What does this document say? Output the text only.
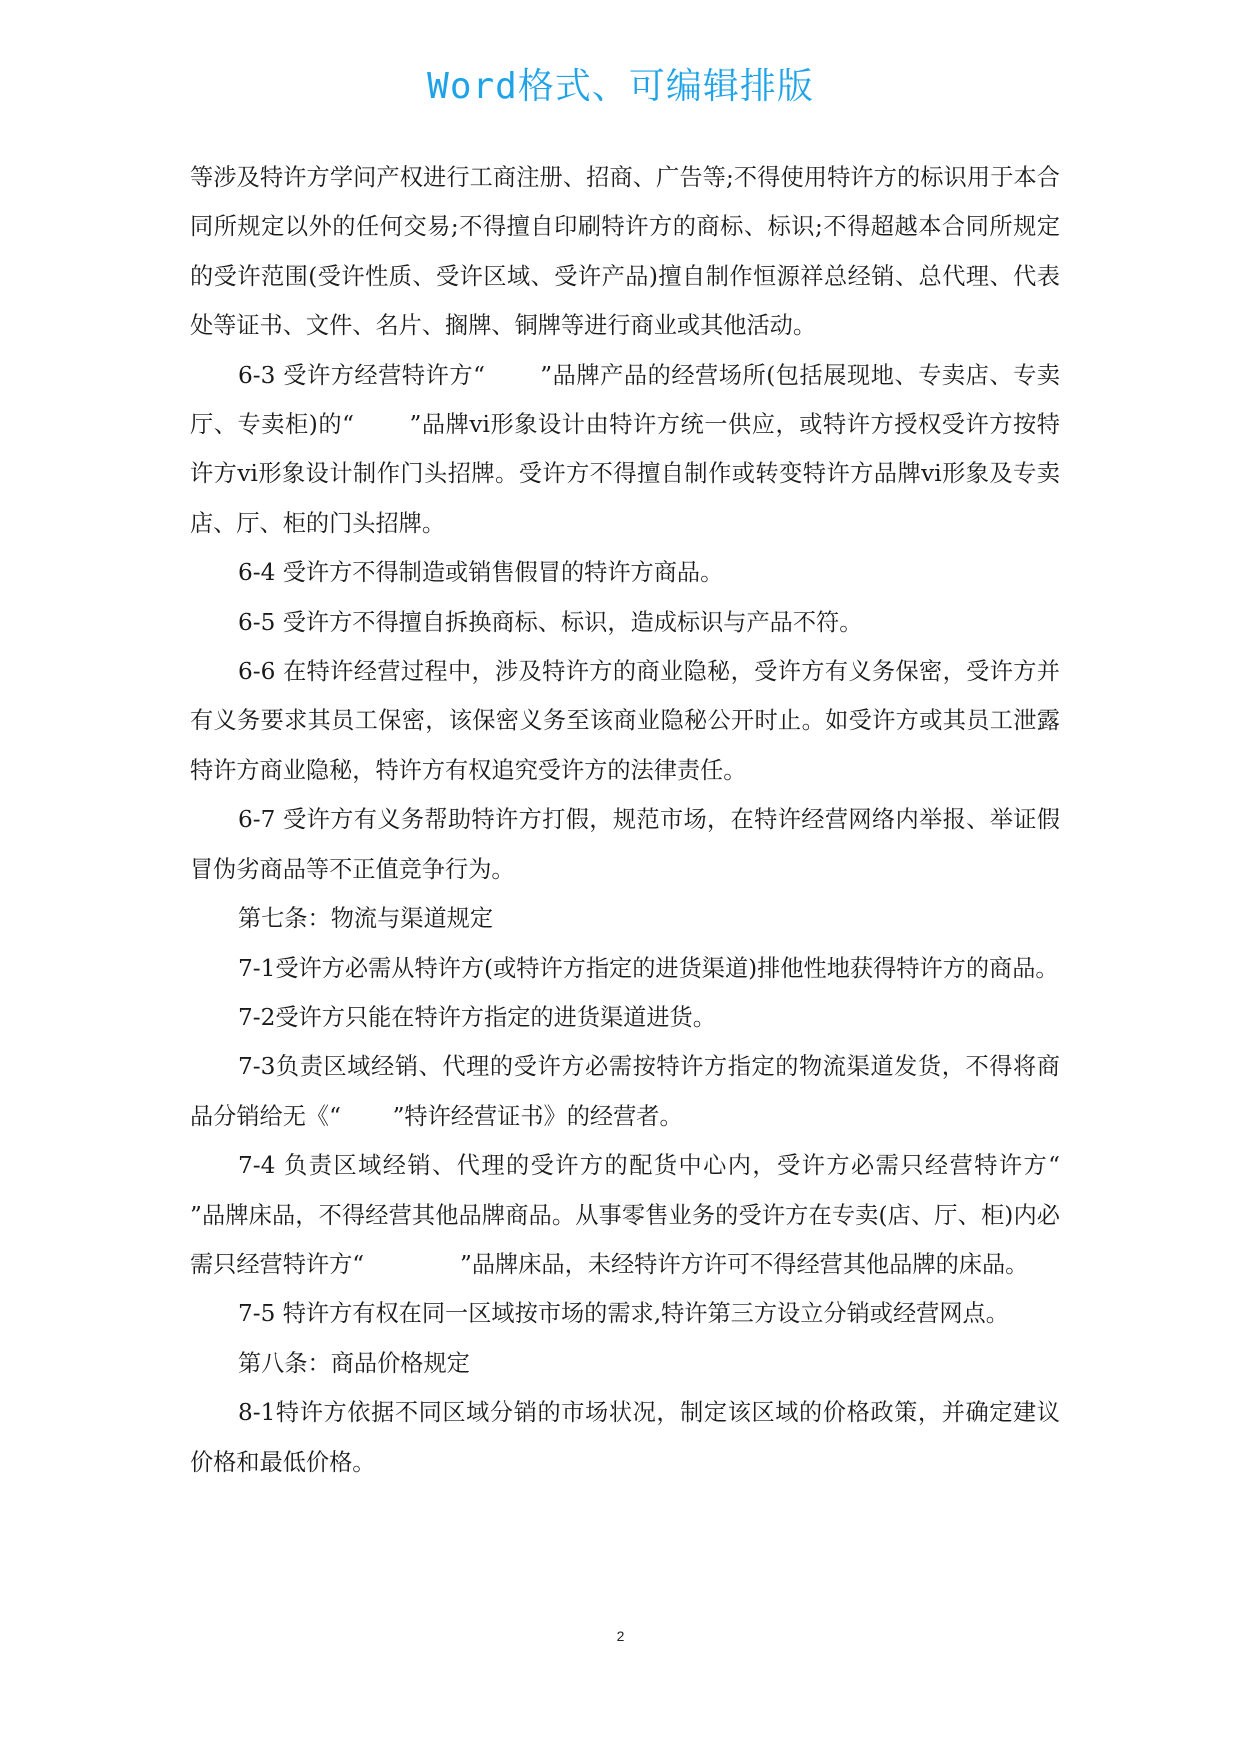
Word格式、可编辑排版

等涉及特许方学问产权进行工商注册、招商、广告等;不得使用特许方的标识用于本合同所规定以外的任何交易;不得擅自印刷特许方的商标、标识;不得超越本合同所规定的受许范围(受许性质、受许区域、受许产品)擅自制作恒源祥总经销、总代理、代表处等证书、文件、名片、搁牌、铜牌等进行商业或其他活动。

6-3 受许方经营特许方“       ”品牌产品的经营场所(包括展现地、专卖店、专卖厅、专卖柜)的“       ”品牌vi形象设计由特许方统一供应，或特许方授权受许方按特许方vi形象设计制作门头招牌。受许方不得擅自制作或转变特许方品牌vi形象及专卖店、厅、柜的门头招牌。

6-4 受许方不得制造或销售假冒的特许方商品。

6-5 受许方不得擅自拆换商标、标识，造成标识与产品不符。

6-6 在特许经营过程中，涉及特许方的商业隐秘，受许方有义务保密，受许方并有义务要求其员工保密，该保密义务至该商业隐秘公开时止。如受许方或其员工泄露特许方商业隐秘，特许方有权追究受许方的法律责任。

6-7 受许方有义务帮助特许方打假，规范市场，在特许经营网络内举报、举证假冒伪劣商品等不正值竞争行为。

第七条：物流与渠道规定

7-1受许方必需从特许方(或特许方指定的进货渠道)排他性地获得特许方的商品。

7-2受许方只能在特许方指定的进货渠道进货。

7-3负责区域经销、代理的受许方必需按特许方指定的物流渠道发货，不得将商品分销给无《“       ”特许经营证书》的经营者。

7-4 负责区域经销、代理的受许方的配货中心内，受许方必需只经营特许方“     ”品牌床品，不得经营其他品牌商品。从事零售业务的受许方在专卖(店、厅、柜)内必需只经营特许方“             ”品牌床品，未经特许方许可不得经营其他品牌的床品。

7-5 特许方有权在同一区域按市场的需求,特许第三方设立分销或经营网点。

第八条：商品价格规定

8-1特许方依据不同区域分销的市场状况，制定该区域的价格政策，并确定建议价格和最低价格。

2
